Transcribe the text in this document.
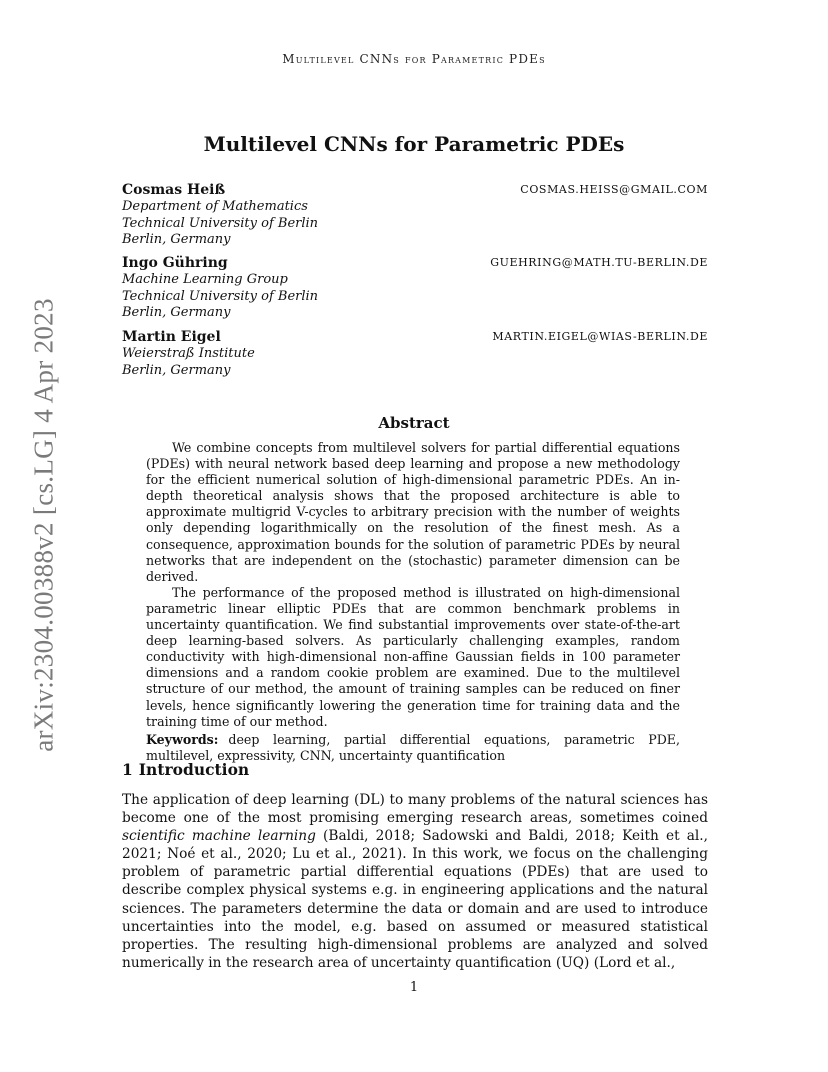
Multilevel CNNs for Parametric PDEs
arXiv:2304.00388v2 [cs.LG] 4 Apr 2023
Multilevel CNNs for Parametric PDEs
Cosmas Heiß	COSMAS.HEISS@GMAIL.COM
Department of Mathematics
Technical University of Berlin
Berlin, Germany
Ingo Gühring	GUEHRING@MATH.TU-BERLIN.DE
Machine Learning Group
Technical University of Berlin
Berlin, Germany
Martin Eigel	MARTIN.EIGEL@WIAS-BERLIN.DE
Weierstraß Institute
Berlin, Germany
Abstract

We combine concepts from multilevel solvers for partial differential equations (PDEs) with neural network based deep learning and propose a new methodology for the efficient numerical solution of high-dimensional parametric PDEs. An in-depth theoretical analysis shows that the proposed architecture is able to approximate multigrid V-cycles to arbitrary precision with the number of weights only depending logarithmically on the resolution of the finest mesh. As a consequence, approximation bounds for the solution of parametric PDEs by neural networks that are independent on the (stochastic) parameter dimension can be derived.

The performance of the proposed method is illustrated on high-dimensional parametric linear elliptic PDEs that are common benchmark problems in uncertainty quantification. We find substantial improvements over state-of-the-art deep learning-based solvers. As particularly challenging examples, random conductivity with high-dimensional non-affine Gaussian fields in 100 parameter dimensions and a random cookie problem are examined. Due to the multilevel structure of our method, the amount of training samples can be reduced on finer levels, hence significantly lowering the generation time for training data and the training time of our method.

Keywords: deep learning, partial differential equations, parametric PDE, multilevel, expressivity, CNN, uncertainty quantification
1 Introduction

The application of deep learning (DL) to many problems of the natural sciences has become one of the most promising emerging research areas, sometimes coined scientific machine learning (Baldi, 2018; Sadowski and Baldi, 2018; Keith et al., 2021; Noé et al., 2020; Lu et al., 2021). In this work, we focus on the challenging problem of parametric partial differential equations (PDEs) that are used to describe complex physical systems e.g. in engineering applications and the natural sciences. The parameters determine the data or domain and are used to introduce uncertainties into the model, e.g. based on assumed or measured statistical properties. The resulting high-dimensional problems are analyzed and solved numerically in the research area of uncertainty quantification (UQ) (Lord et al.,

1
